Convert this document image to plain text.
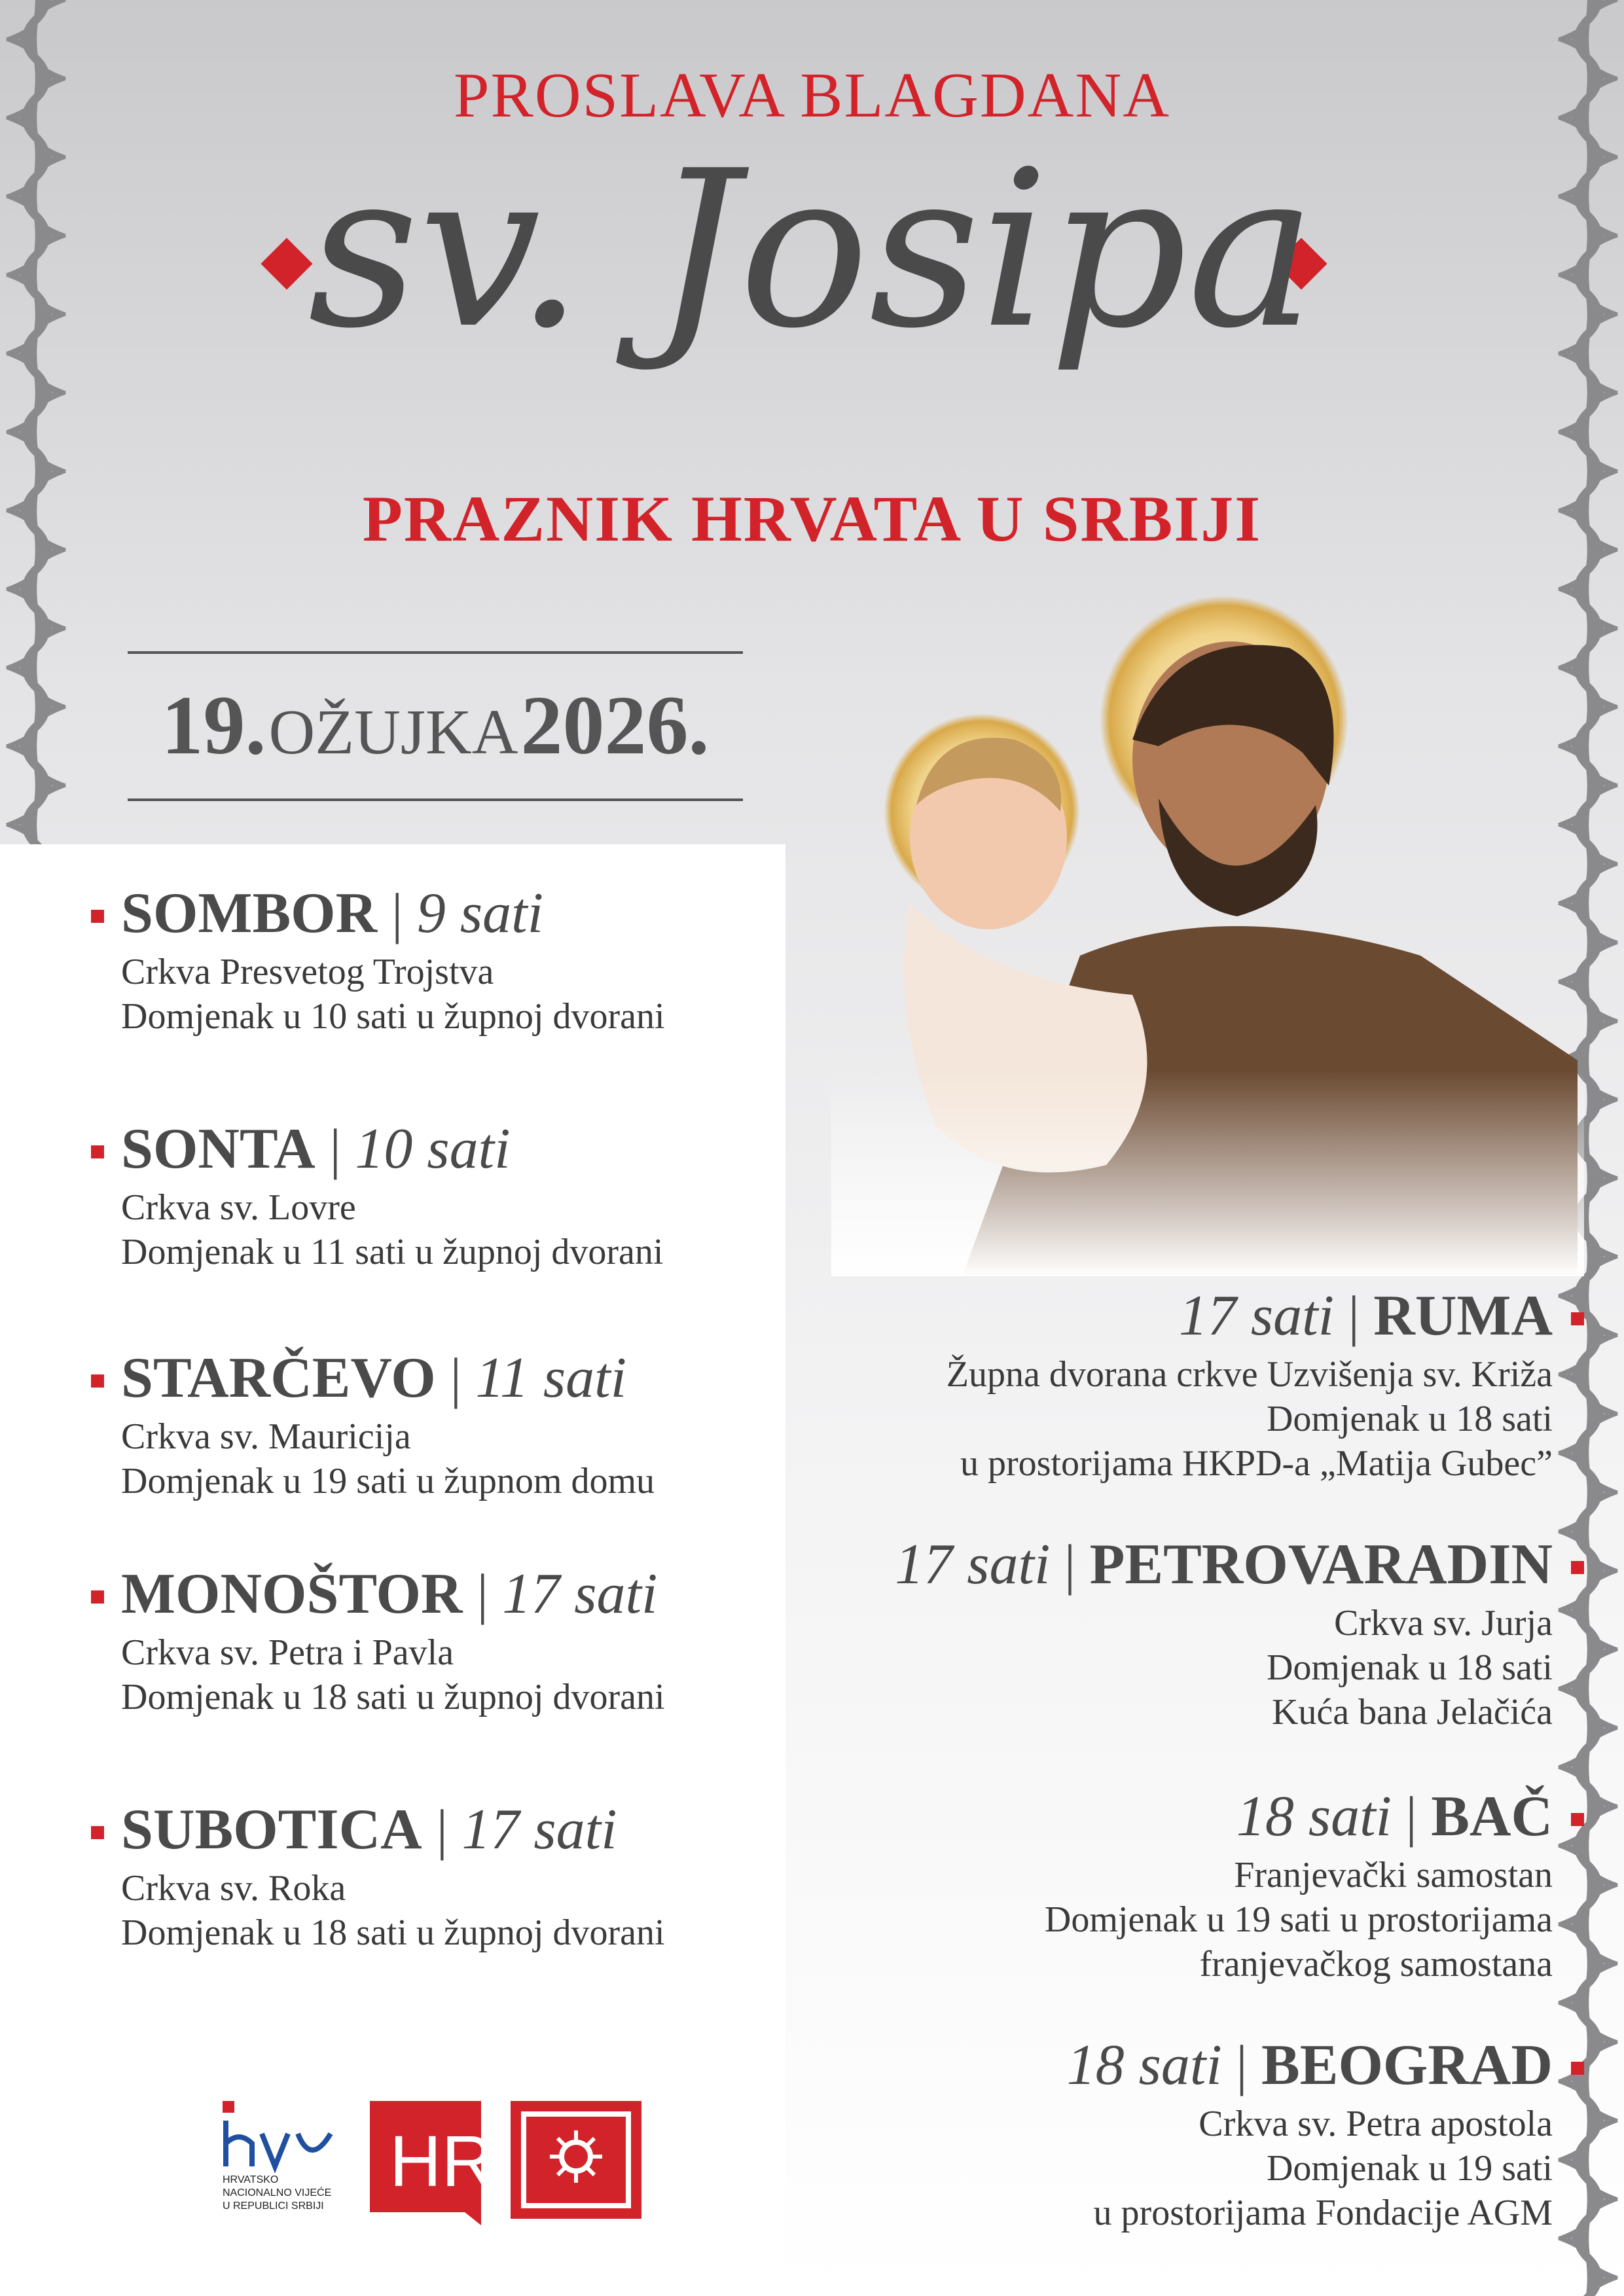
PROSLAVA BLAGDANA
sv. Josipa
PRAZNIK HRVATA U SRBIJI
19. OŽUJKA 2026.
SOMBOR | 9 sati
Crkva Presvetog Trojstva
Domjenak u 10 sati u župnoj dvorani
SONTA | 10 sati
Crkva sv. Lovre
Domjenak u 11 sati u župnoj dvorani
STARČEVO | 11 sati
Crkva sv. Mauricija
Domjenak u 19 sati u župnom domu
MONOŠTOR | 17 sati
Crkva sv. Petra i Pavla
Domjenak u 18 sati u župnoj dvorani
SUBOTICA | 17 sati
Crkva sv. Roka
Domjenak u 18 sati u župnoj dvorani
17 sati | RUMA
Župna dvorana crkve Uzvišenja sv. Križa
Domjenak u 18 sati
u prostorijama HKPD-a „Matija Gubec”
17 sati | PETROVARADIN
Crkva sv. Jurja
Domjenak u 18 sati
Kuća bana Jelačića
18 sati | BAČ
Franjevački samostan
Domjenak u 19 sati u prostorijama
franjevačkog samostana
18 sati | BEOGRAD
Crkva sv. Petra apostola
Domjenak u 19 sati
u prostorijama Fondacije AGM
HRVATSKO
NACIONALNO VIJEĆE
U REPUBLICI SRBIJI
HR
